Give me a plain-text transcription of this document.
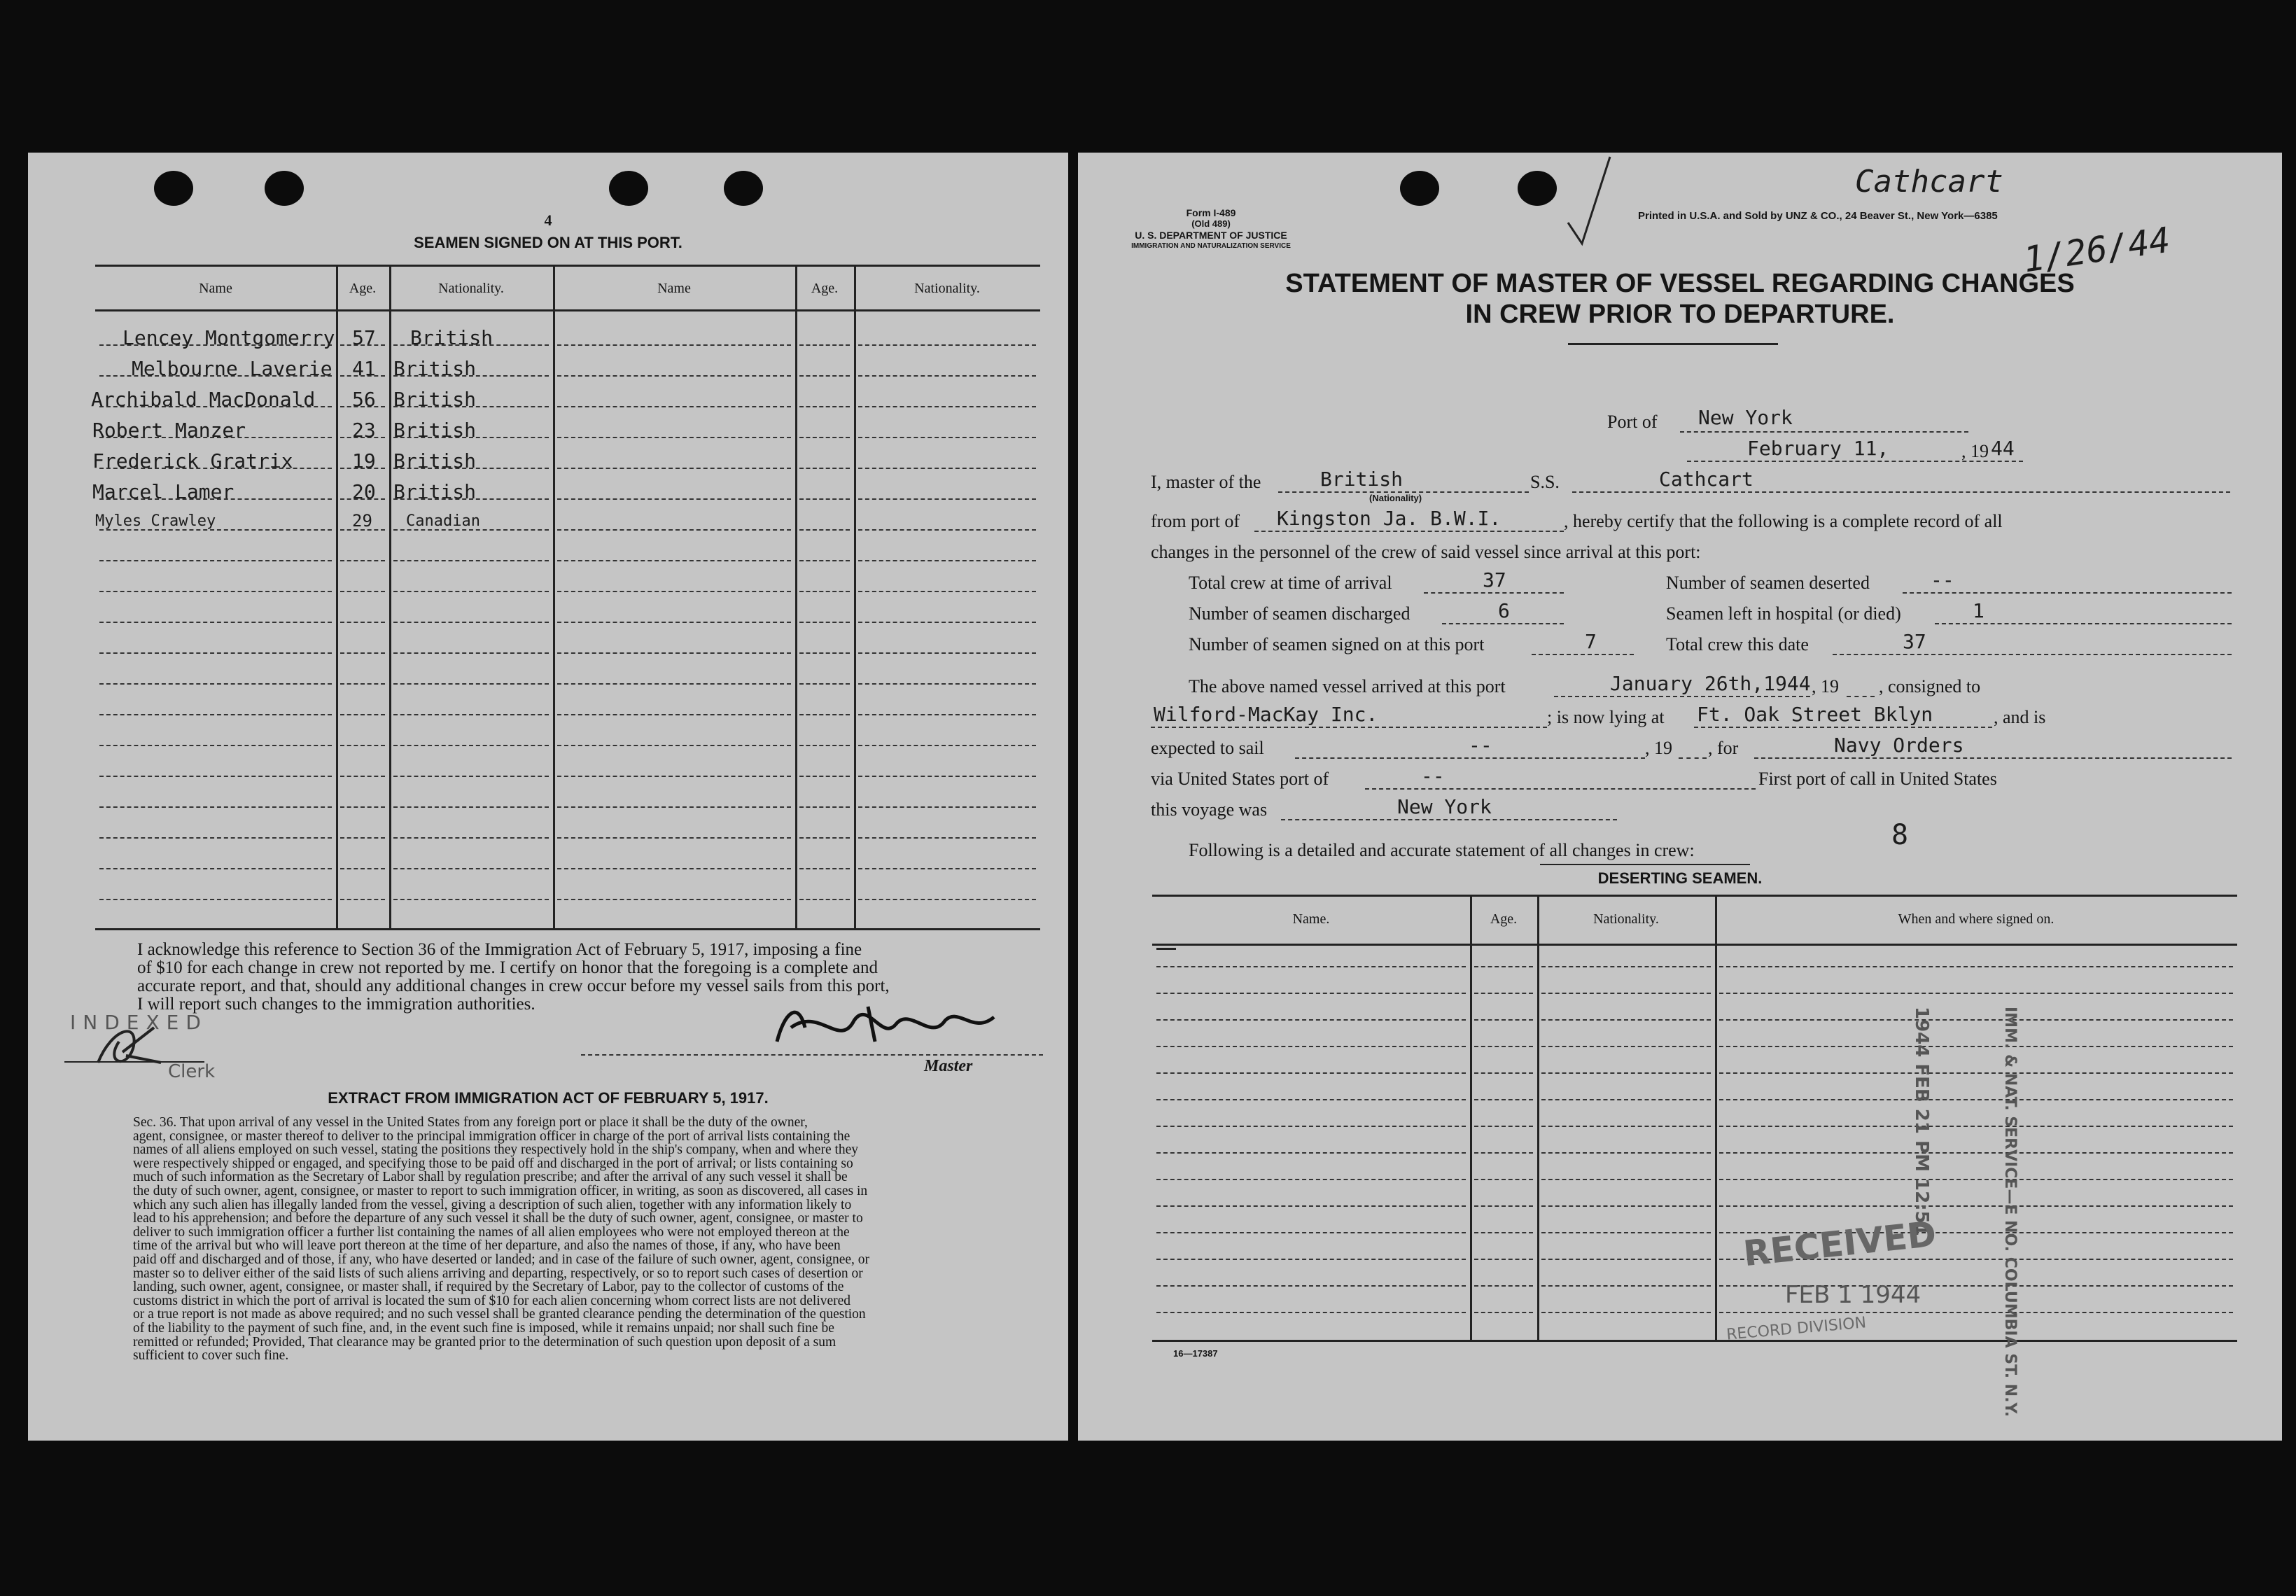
4
SEAMEN SIGNED ON AT THIS PORT.
Name	Age.	Nationality.	Name	Age.	Nationality.
Lencey Montgomerry 57 British
Melbourne Laverie 41 British
Archibald MacDonald 56 British
Robert Manzer	23 British
Frederick Gratrix	19 British
Marcel Lamer	20 British
Myles Crawley	29 Canadian
I acknowledge this reference to Section 36 of the Immigration Act of February 5, 1917, imposing a fine
of $10 for each change in crew not reported by me. I certify on honor that the foregoing is a complete and
accurate report, and that, should any additional changes in crew occur before my vessel sails from this port,
I will report such changes to the immigration authorities.
INDEXED
Clerk	Master
EXTRACT FROM IMMIGRATION ACT OF FEBRUARY 5, 1917.
Sec. 36. That upon arrival of any vessel in the United States from any foreign port or place it shall be the duty of the owner,
agent, consignee, or master thereof to deliver to the principal immigration officer in charge of the port of arrival lists containing the
names of all aliens employed on such vessel, stating the positions they respectively hold in the ship's company, when and where they
were respectively shipped or engaged, and specifying those to be paid off and discharged in the port of arrival; or lists containing so
much of such information as the Secretary of Labor shall by regulation prescribe; and after the arrival of any such vessel it shall be
the duty of such owner, agent, consignee, or master to report to such immigration officer, in writing, as soon as discovered, all cases in
which any such alien has illegally landed from the vessel, giving a description of such alien, together with any information likely to
lead to his apprehension; and before the departure of any such vessel it shall be the duty of such owner, agent, consignee, or master to
deliver to such immigration officer a further list containing the names of all alien employees who were not employed thereon at the
time of the arrival but who will leave port thereon at the time of her departure, and also the names of those, if any, who have been
paid off and discharged and of those, if any, who have deserted or landed; and in case of the failure of such owner, agent, consignee, or
master so to deliver either of the said lists of such aliens arriving and departing, respectively, or so to report such cases of desertion or
landing, such owner, agent, consignee, or master shall, if required by the Secretary of Labor, pay to the collector of customs of the
customs district in which the port of arrival is located the sum of $10 for each alien concerning whom correct lists are not delivered
or a true report is not made as above required; and no such vessel shall be granted clearance pending the determination of the question
of the liability to the payment of such fine, and, in the event such fine is imposed, while it remains unpaid; nor shall such fine be
remitted or refunded; Provided, That clearance may be granted prior to the determination of such question upon deposit of a sum
sufficient to cover such fine.
Form I-489
(Old 489)
U. S. DEPARTMENT OF JUSTICE
IMMIGRATION AND NATURALIZATION SERVICE
Printed in U.S.A. and Sold by UNZ & CO., 24 Beaver St., New York—6385
Cathcart
1/26/44
STATEMENT OF MASTER OF VESSEL REGARDING CHANGES
IN CREW PRIOR TO DEPARTURE.
Port of New York
February 11,	, 19 44
I, master of the	British
(Nationality)
S.S.	Cathcart
from port of Kingston Ja. B.W.I.	, hereby certify that the following is a complete record of all
changes in the personnel of the crew of said vessel since arrival at this port:
Total crew at time of arrival	37	Number of seamen deserted	--
Number of seamen discharged	6	Seamen left in hospital (or died)	1
Number of seamen signed on at this port	7	Total crew this date	37
The above named vessel arrived at this port	January 26th,1944 , 19 , consigned to
Wilford-MacKay Inc.	; is now lying at Ft. Oak Street Bklyn	, and is
expected to sail	--	, 19 , for	Navy Orders
via United States port of	--	First port of call in United States
this voyage was	New York
Following is a detailed and accurate statement of all changes in crew:	8
DESERTING SEAMEN.
Name.	Age.	Nationality.	When and where signed on.
1944 FEB 21 PM 12:51	IMM. & NAT. SERVICE—E NO. COLUMBIA ST. N.Y.
RECEIVED
FEB 1 1944
RECORD DIVISION
16—17387
